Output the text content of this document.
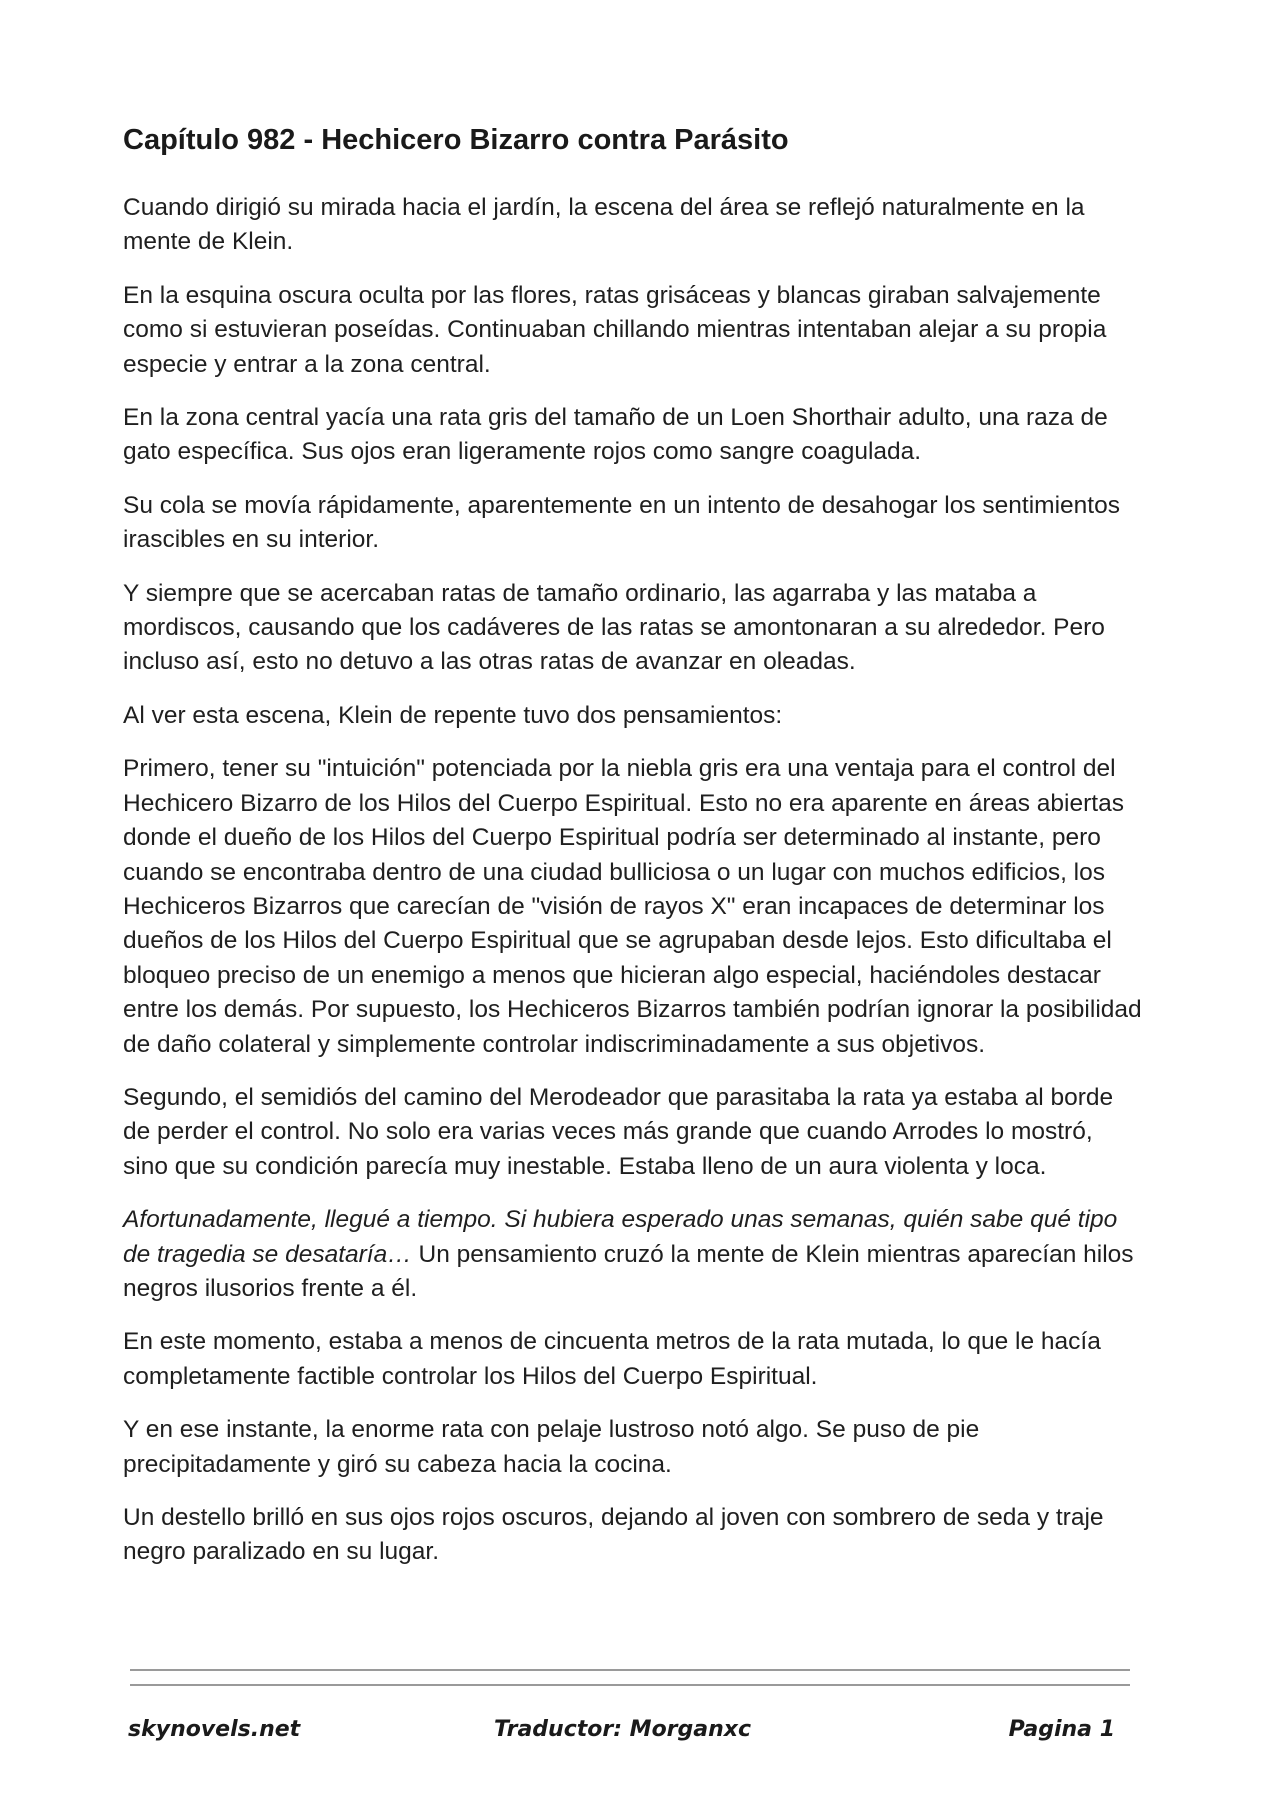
Capítulo 982 - Hechicero Bizarro contra Parásito

Cuando dirigió su mirada hacia el jardín, la escena del área se reflejó naturalmente en la mente de Klein.

En la esquina oscura oculta por las flores, ratas grisáceas y blancas giraban salvajemente como si estuvieran poseídas. Continuaban chillando mientras intentaban alejar a su propia especie y entrar a la zona central.

En la zona central yacía una rata gris del tamaño de un Loen Shorthair adulto, una raza de gato específica. Sus ojos eran ligeramente rojos como sangre coagulada.

Su cola se movía rápidamente, aparentemente en un intento de desahogar los sentimientos irascibles en su interior.

Y siempre que se acercaban ratas de tamaño ordinario, las agarraba y las mataba a mordiscos, causando que los cadáveres de las ratas se amontonaran a su alrededor. Pero incluso así, esto no detuvo a las otras ratas de avanzar en oleadas.

Al ver esta escena, Klein de repente tuvo dos pensamientos:

Primero, tener su "intuición" potenciada por la niebla gris era una ventaja para el control del Hechicero Bizarro de los Hilos del Cuerpo Espiritual. Esto no era aparente en áreas abiertas donde el dueño de los Hilos del Cuerpo Espiritual podría ser determinado al instante, pero cuando se encontraba dentro de una ciudad bulliciosa o un lugar con muchos edificios, los Hechiceros Bizarros que carecían de "visión de rayos X" eran incapaces de determinar los dueños de los Hilos del Cuerpo Espiritual que se agrupaban desde lejos. Esto dificultaba el bloqueo preciso de un enemigo a menos que hicieran algo especial, haciéndoles destacar entre los demás. Por supuesto, los Hechiceros Bizarros también podrían ignorar la posibilidad de daño colateral y simplemente controlar indiscriminadamente a sus objetivos.

Segundo, el semidiós del camino del Merodeador que parasitaba la rata ya estaba al borde de perder el control. No solo era varias veces más grande que cuando Arrodes lo mostró, sino que su condición parecía muy inestable. Estaba lleno de un aura violenta y loca.

Afortunadamente, llegué a tiempo. Si hubiera esperado unas semanas, quién sabe qué tipo de tragedia se desataría… Un pensamiento cruzó la mente de Klein mientras aparecían hilos negros ilusorios frente a él.

En este momento, estaba a menos de cincuenta metros de la rata mutada, lo que le hacía completamente factible controlar los Hilos del Cuerpo Espiritual.

Y en ese instante, la enorme rata con pelaje lustroso notó algo. Se puso de pie precipitadamente y giró su cabeza hacia la cocina.

Un destello brilló en sus ojos rojos oscuros, dejando al joven con sombrero de seda y traje negro paralizado en su lugar.

skynovels.net	Traductor: Morganxc	Pagina 1
